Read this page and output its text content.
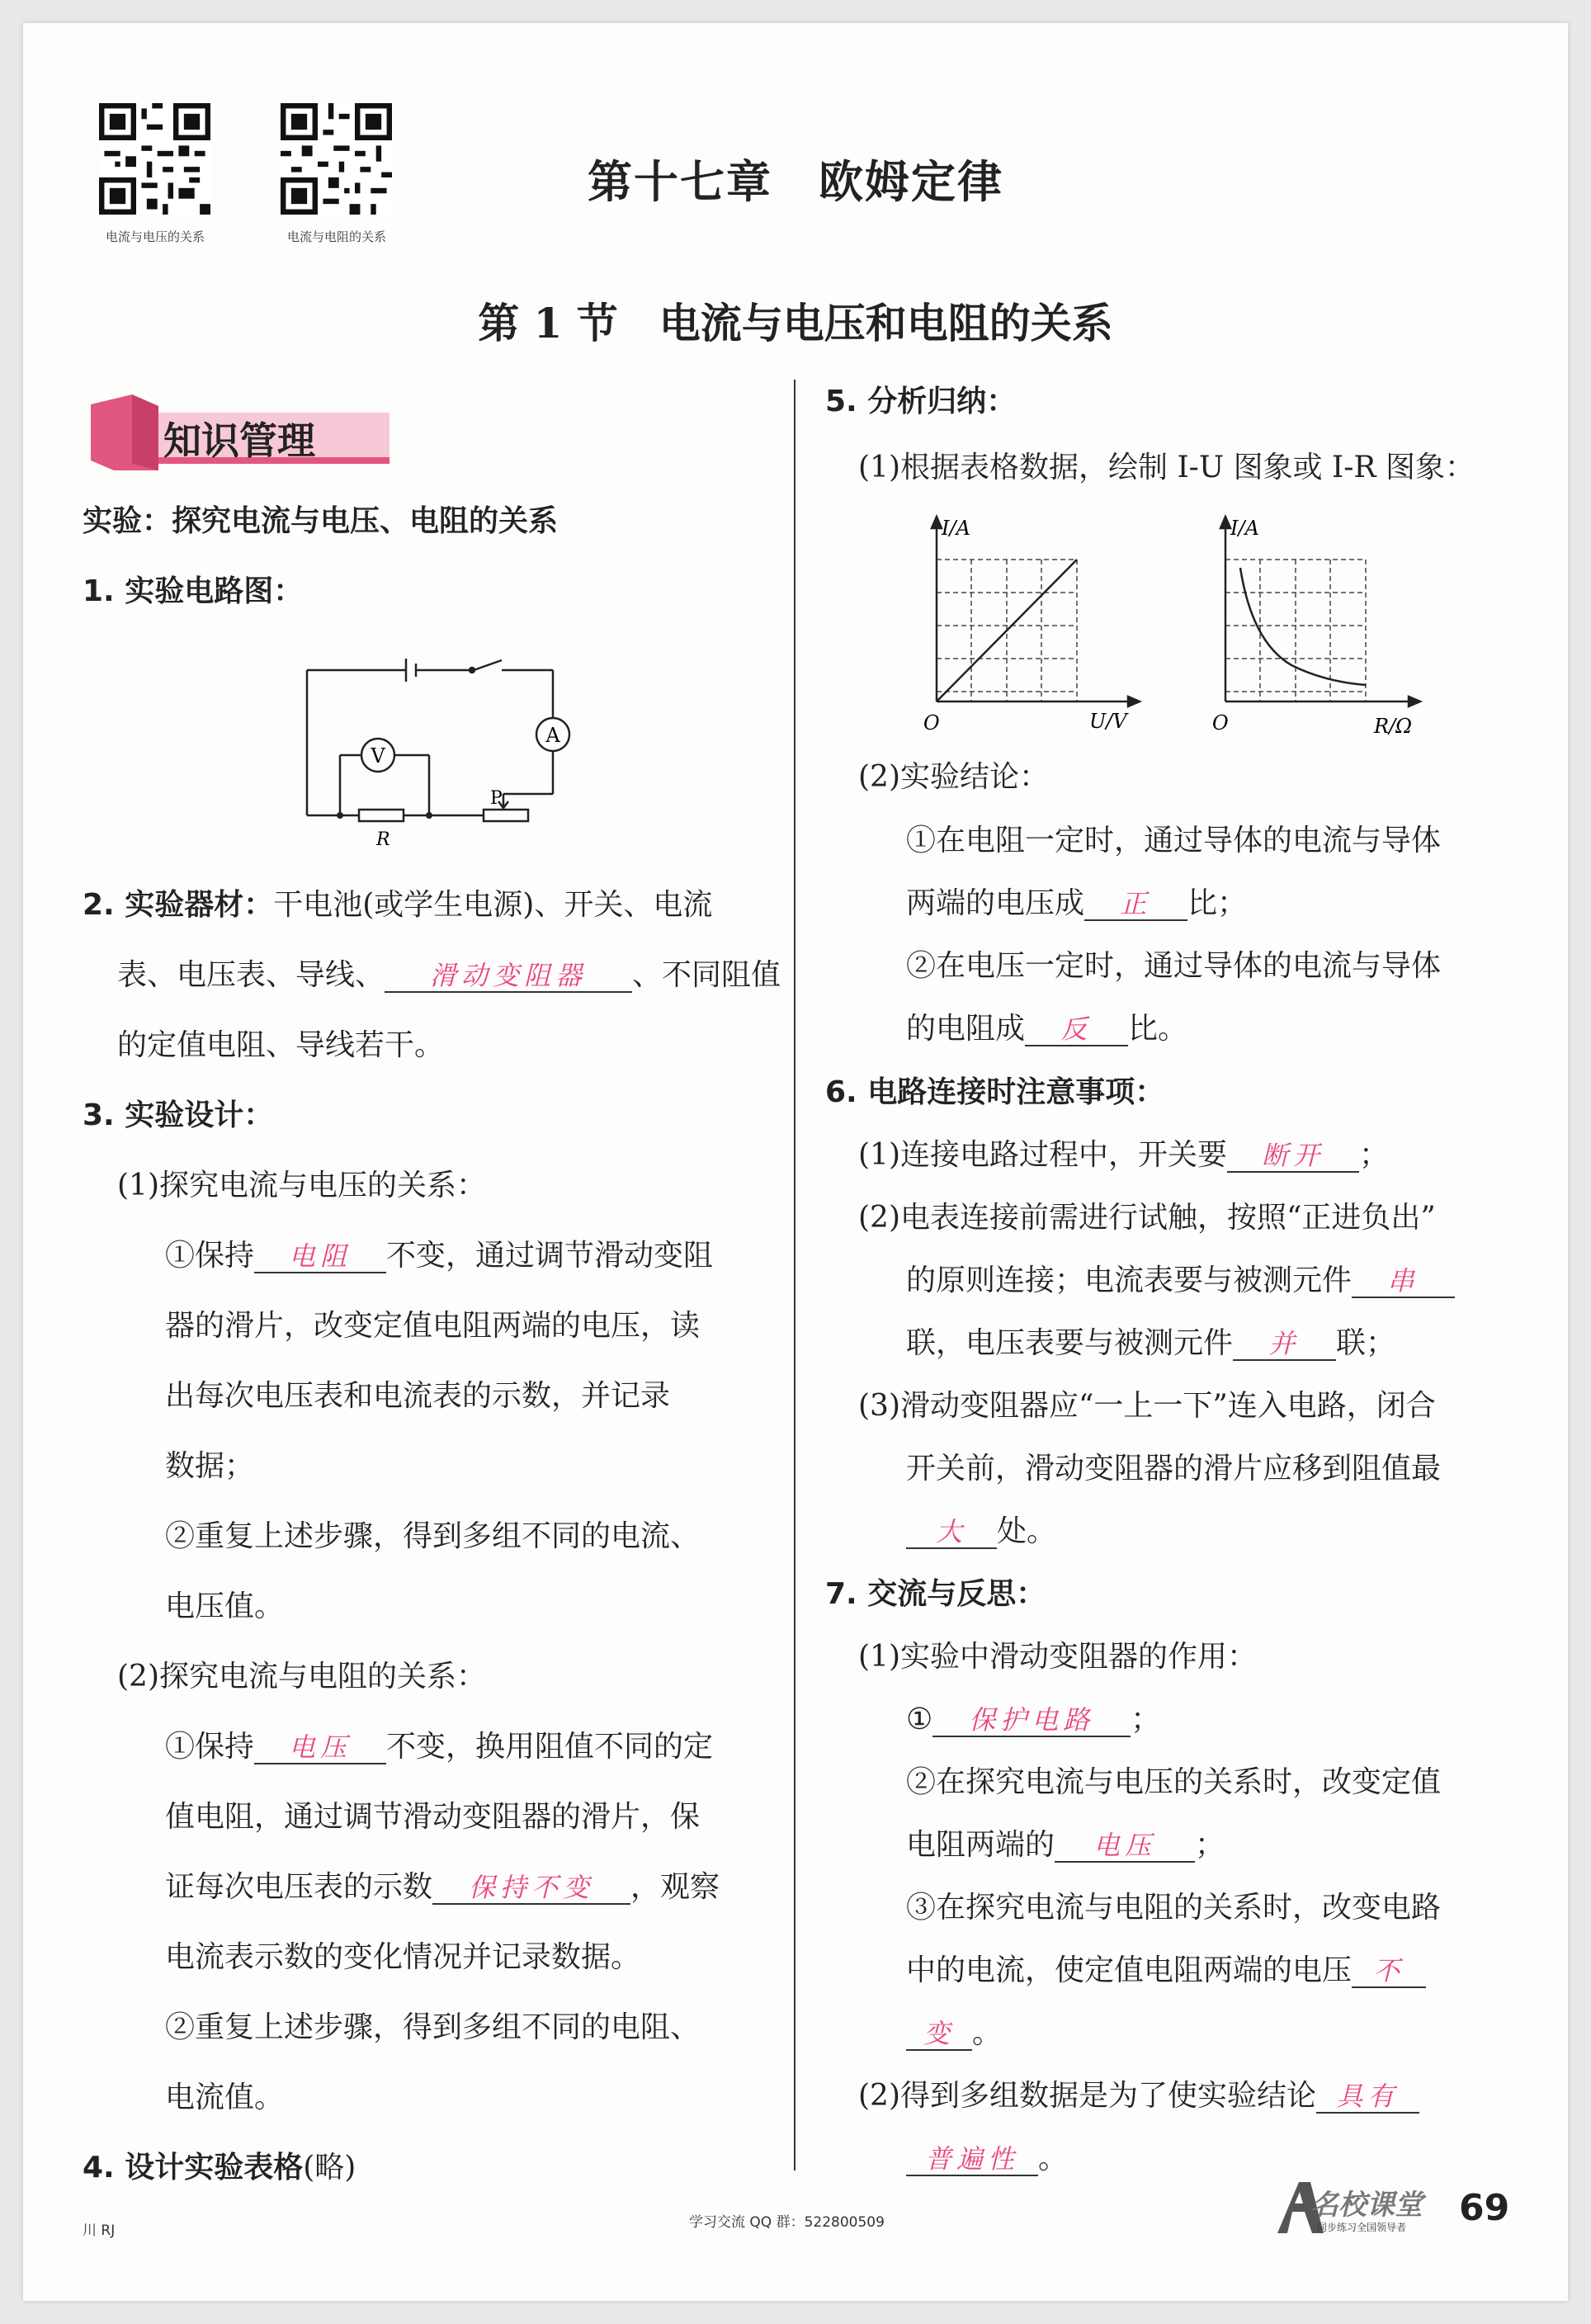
电流与电压的关系	电流与电阻的关系
第十七章　欧姆定律
第 1 节　电流与电压和电阻的关系
知识管理
实验：探究电流与电压、电阻的关系
1. 实验电路图：
A
V
P
R
2. 实验器材：干电池(或学生电源)、开关、电流
表、电压表、导线、 滑动变阻器 、不同阻值
的定值电阻、导线若干。
3. 实验设计：
(1)探究电流与电压的关系：
①保持 电阻 不变，通过调节滑动变阻
器的滑片，改变定值电阻两端的电压，读
出每次电压表和电流表的示数，并记录
数据；
②重复上述步骤，得到多组不同的电流、
电压值。
(2)探究电流与电阻的关系：
①保持 电压 不变，换用阻值不同的定
值电阻，通过调节滑动变阻器的滑片，保
证每次电压表的示数 保持不变 ，观察
电流表示数的变化情况并记录数据。
②重复上述步骤，得到多组不同的电阻、
电流值。
4. 设计实验表格(略)
5. 分析归纳：
(1)根据表格数据，绘制 I-U 图象或 I-R 图象：
I/A
U/V
O
I/A
R/Ω
O
(2)实验结论：
①在电阻一定时，通过导体的电流与导体
两端的电压成 正 比；
②在电压一定时，通过导体的电流与导体
的电阻成 反 比。
6. 电路连接时注意事项：
(1)连接电路过程中，开关要 断开 ；
(2)电表连接前需进行试触，按照“正进负出”
的原则连接；电流表要与被测元件 串
联，电压表要与被测元件 并 联；
(3)滑动变阻器应“一上一下”连入电路，闭合
开关前，滑动变阻器的滑片应移到阻值最
大 处。
7. 交流与反思：
(1)实验中滑动变阻器的作用：
① 保护电路 ；
②在探究电流与电压的关系时，改变定值
电阻两端的 电压 ；
③在探究电流与电阻的关系时，改变电路
中的电流，使定值电阻两端的电压 不
变 。
(2)得到多组数据是为了使实验结论 具有
普遍性 。
川 RJ	学习交流 QQ 群：522800509
名校课堂
同步练习全国领导者 69
